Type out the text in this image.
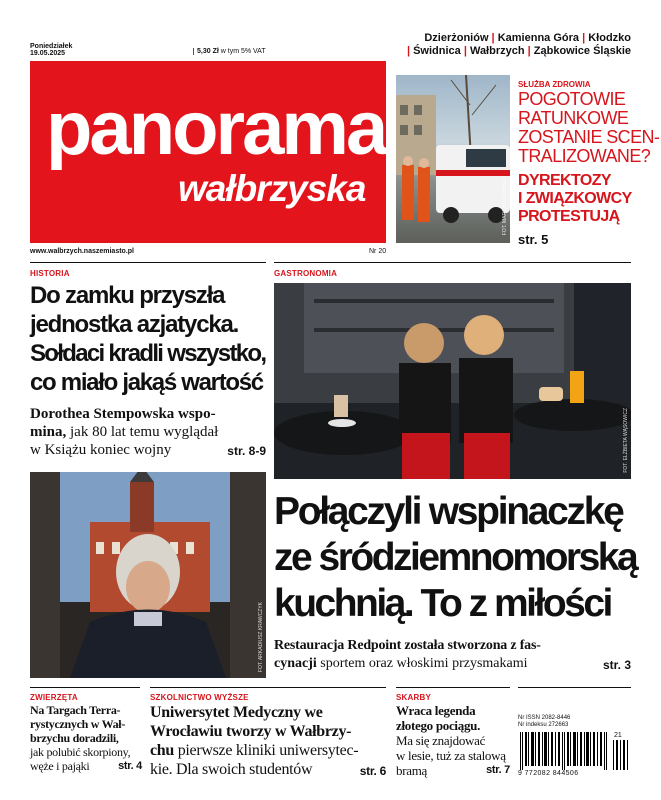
Poniedziałek
19.05.2025	5,30 Zł w tym 5% VAT
Dzierżoniów | Kamienna Góra | Kłodzko
| Świdnica | Wałbrzych | Ząbkowice Śląskie
panorama
wałbrzyska
www.walbrzych.naszemiasto.pl	Nr 20
FOT. MARCIN KAMIŃSKI
SŁUŻBA ZDROWIA
POGOTOWIE
RATUNKOWE
ZOSTANIE SCEN-
TRALIZOWANE?
DYREKTOZY
I ZWIĄZKOWCY
PROTESTUJĄ
str. 5
HISTORIA
Do zamku przyszła
jednostka azjatycka.
Sołdaci kradli wszystko,
co miało jakąś wartość
Dorothea Stempowska wspo-
mina, jak 80 lat temu wyglądał
w Książu koniec wojny	str. 8-9
FOT. ARKADIUSZ KRAWCZYK
GASTRONOMIA
FOT. ELŻBIETA WĄSOWICZ
Połączyli wspinaczkę
ze śródziemnomorską
kuchnią. To z miłości
Restauracja Redpoint została stworzona z fas-
cynacji sportem oraz włoskimi przysmakami	str. 3
ZWIERZĘTA
Na Targach Terra-
rystycznych w Wał-
brzychu doradzili,
jak polubić skorpiony,
węże i pająki	str. 4
SZKOLNICTWO WYŻSZE
Uniwersytet Medyczny we
Wrocławiu tworzy w Wałbrzy-
chu pierwsze kliniki uniwersytec-
kie. Dla swoich studentów	str. 6
SKARBY
Wraca legenda
złotego pociągu.
Ma się znajdować
w lesie, tuż za stalową
bramą	str. 7
Nr ISSN 2082-8446
Nr indeksu 272663
21
9 772082 844506
